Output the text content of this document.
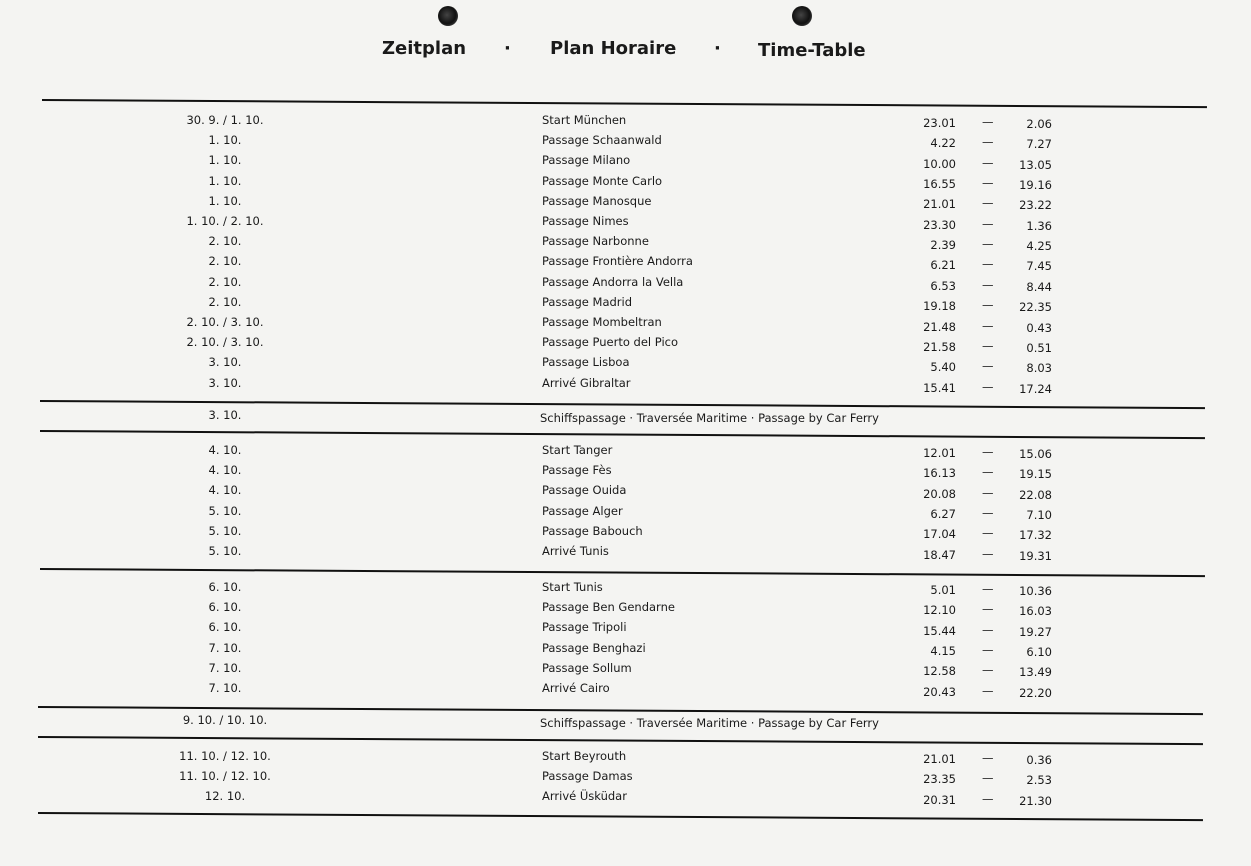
Zeitplan · Plan Horaire · Time-Table
30. 9. / 1. 10.	Start München	23.01 —	2.06
1. 10.	Passage Schaanwald	4.22 —	7.27
1. 10.	Passage Milano	10.00 —	13.05
1. 10.	Passage Monte Carlo	16.55 —	19.16
1. 10.	Passage Manosque	21.01 —	23.22
1. 10. / 2. 10.	Passage Nimes	23.30 —	1.36
2. 10.	Passage Narbonne	2.39 —	4.25
2. 10.	Passage Frontière Andorra	6.21 —	7.45
2. 10.	Passage Andorra la Vella	6.53 —	8.44
2. 10.	Passage Madrid	19.18 —	22.35
2. 10. / 3. 10.	Passage Mombeltran	21.48 —	0.43
2. 10. / 3. 10.	Passage Puerto del Pico	21.58 —	0.51
3. 10.	Passage Lisboa	5.40 —	8.03
3. 10.	Arrivé Gibraltar	15.41 —	17.24
3. 10.	Schiffspassage · Traversée Maritime · Passage by Car Ferry
4. 10.	Start Tanger	12.01 —	15.06
4. 10.	Passage Fès	16.13 —	19.15
4. 10.	Passage Ouida	20.08 —	22.08
5. 10.	Passage Alger	6.27 —	7.10
5. 10.	Passage Babouch	17.04 —	17.32
5. 10.	Arrivé Tunis	18.47 —	19.31
6. 10.	Start Tunis	5.01 —	10.36
6. 10.	Passage Ben Gendarne	12.10 —	16.03
6. 10.	Passage Tripoli	15.44 —	19.27
7. 10.	Passage Benghazi	4.15 —	6.10
7. 10.	Passage Sollum	12.58 —	13.49
7. 10.	Arrivé Cairo	20.43 —	22.20
9. 10. / 10. 10.	Schiffspassage · Traversée Maritime · Passage by Car Ferry
11. 10. / 12. 10.	Start Beyrouth	21.01 —	0.36
11. 10. / 12. 10.	Passage Damas	23.35 —	2.53
12. 10.	Arrivé Üsküdar	20.31 —	21.30
